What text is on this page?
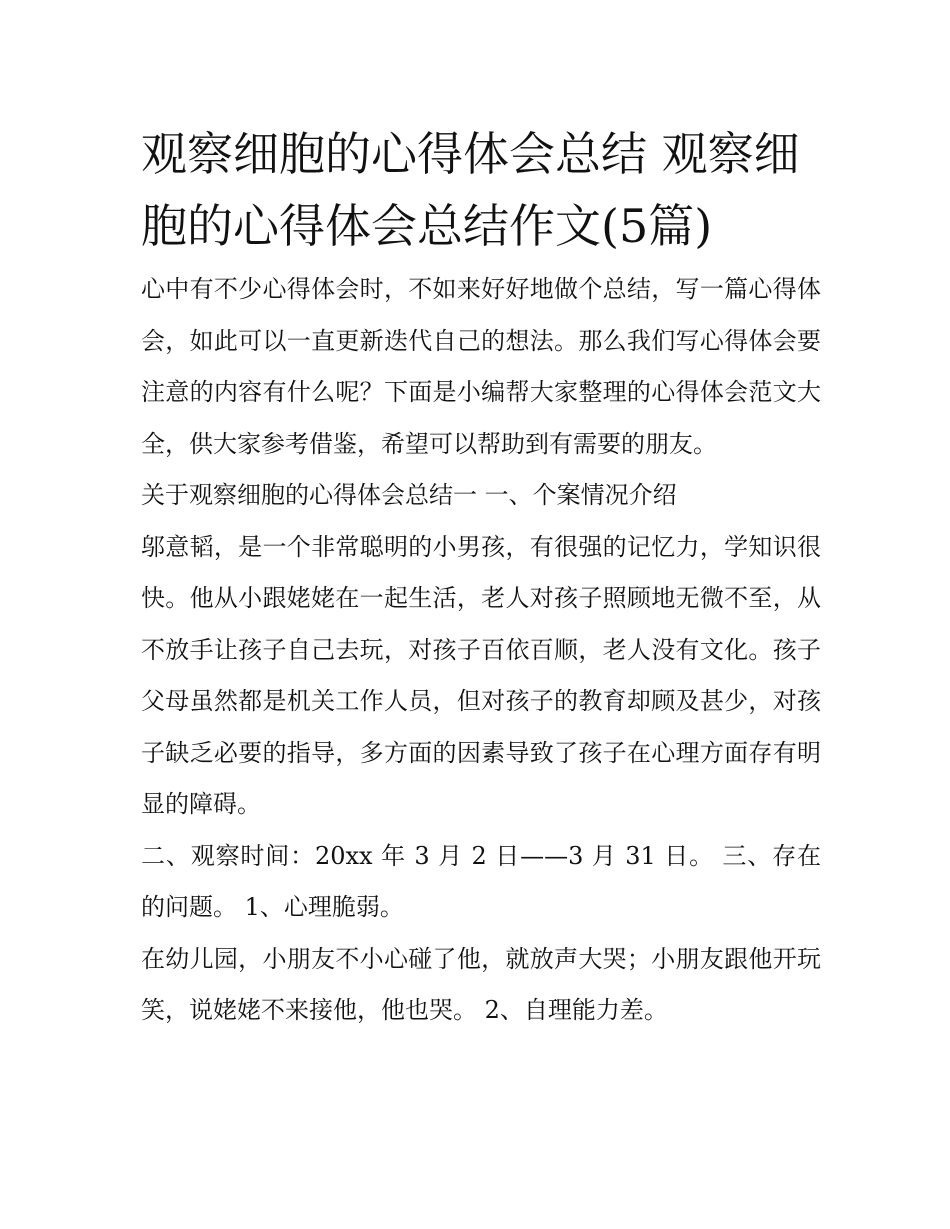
观察细胞的心得体会总结 观察细胞的心得体会总结作文(5篇)

心中有不少心得体会时，不如来好好地做个总结，写一篇心得体会，如此可以一直更新迭代自己的想法。那么我们写心得体会要注意的内容有什么呢？下面是小编帮大家整理的心得体会范文大全，供大家参考借鉴，希望可以帮助到有需要的朋友。

关于观察细胞的心得体会总结一 一、个案情况介绍

邬意韬，是一个非常聪明的小男孩，有很强的记忆力，学知识很快。他从小跟姥姥在一起生活，老人对孩子照顾地无微不至，从不放手让孩子自己去玩，对孩子百依百顺，老人没有文化。孩子父母虽然都是机关工作人员，但对孩子的教育却顾及甚少，对孩子缺乏必要的指导，多方面的因素导致了孩子在心理方面存有明显的障碍。

二、观察时间：20xx 年 3 月 2 日——3 月 31 日。 三、存在的问题。 1、心理脆弱。

在幼儿园，小朋友不小心碰了他，就放声大哭；小朋友跟他开玩笑，说姥姥不来接他，他也哭。 2、自理能力差。
